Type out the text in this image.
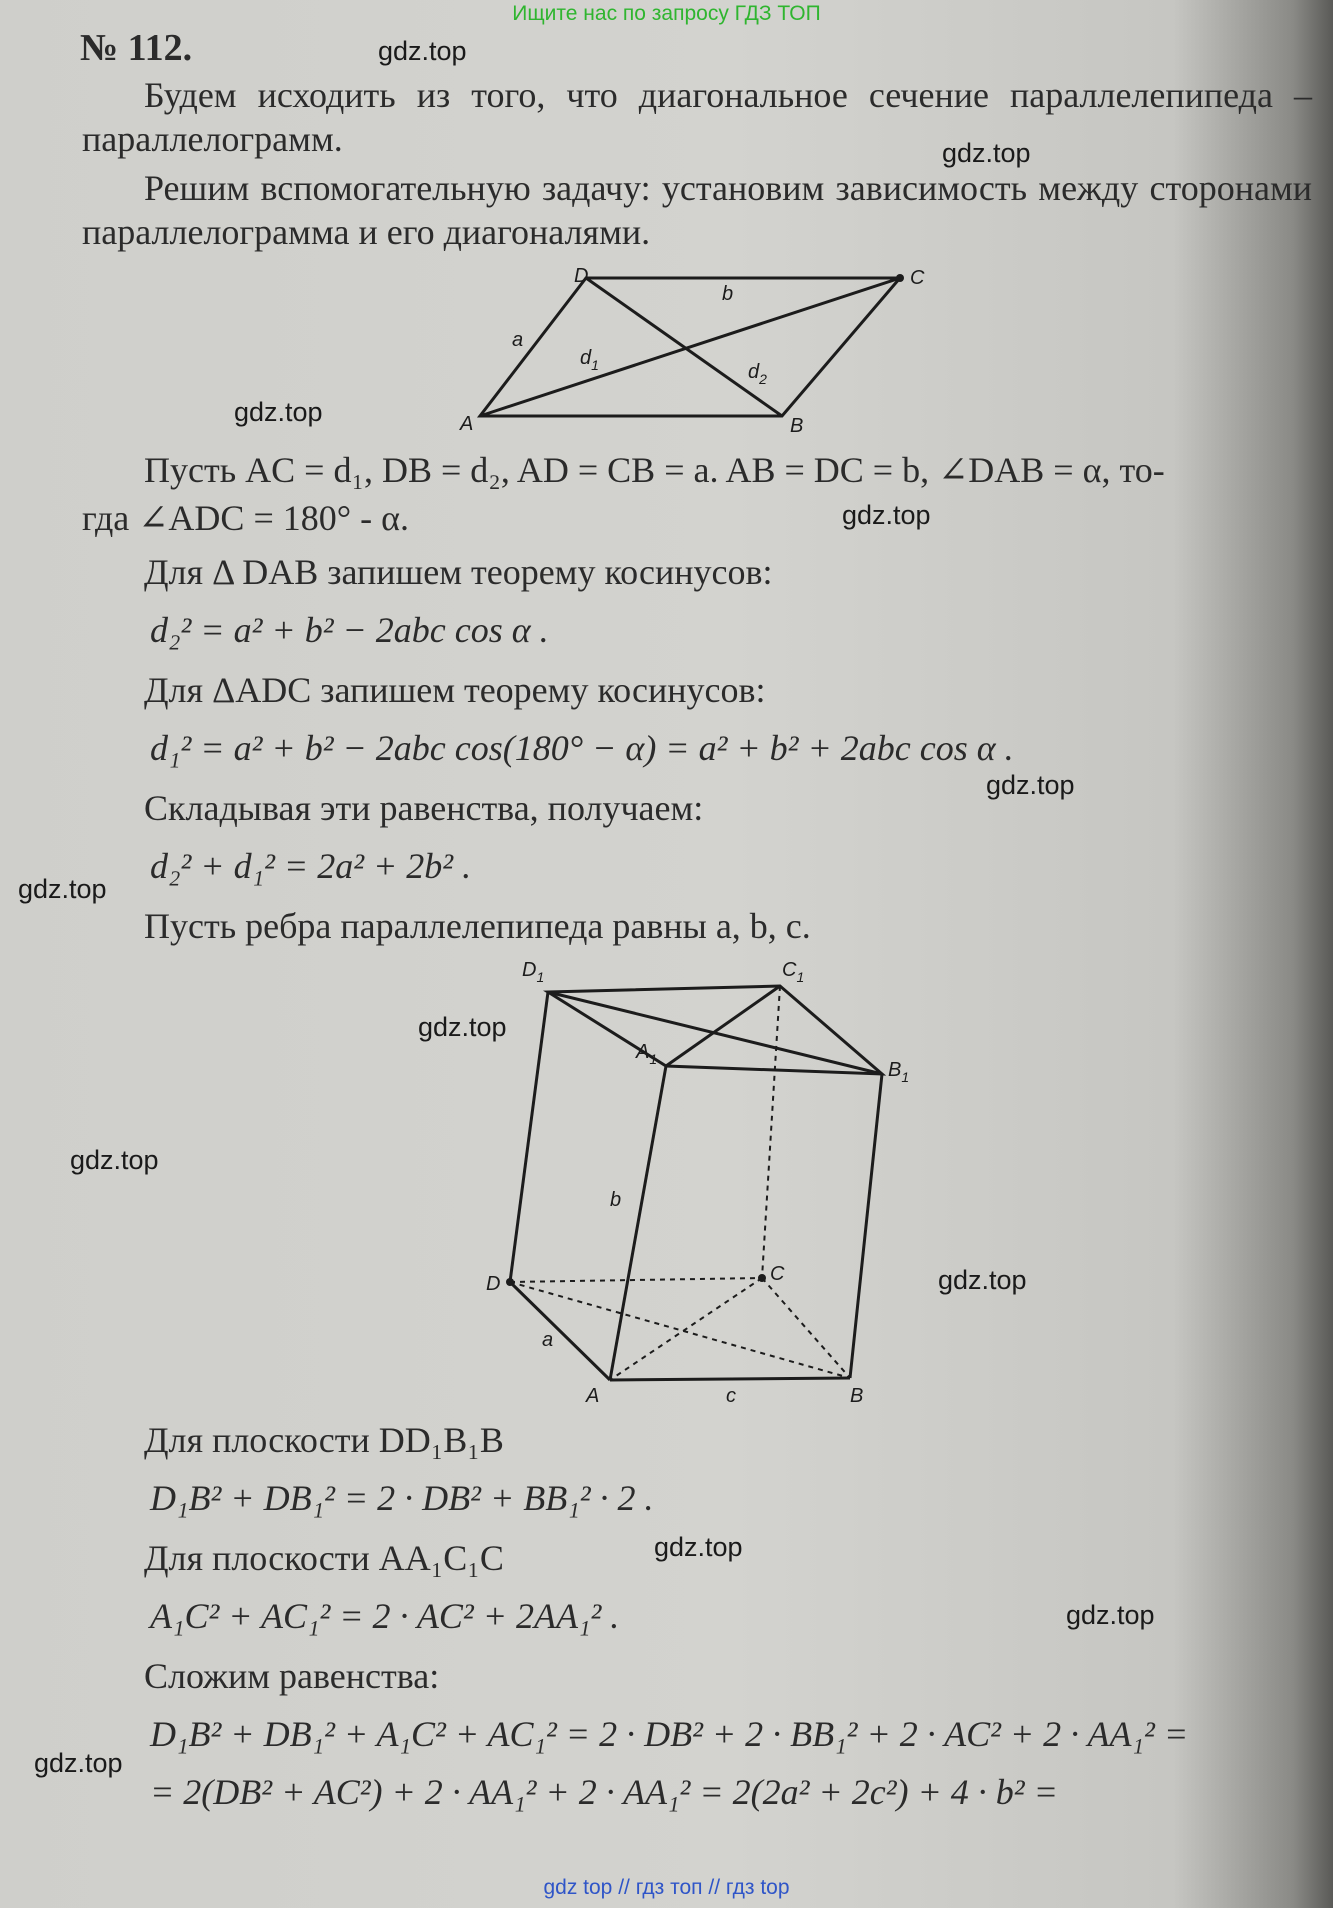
Ищите нас по запросу ГДЗ ТОП
gdz.top
gdz.top
gdz.top
gdz.top
gdz.top
gdz.top
gdz.top
gdz.top
gdz.top
gdz.top
gdz.top
gdz.top
№ 112.
Будем исходить из того, что диагональное сечение параллелепипеда – параллелограмм.
Решим вспомогательную задачу: установим зависимость между сторонами параллелограмма и его диагоналями.
A	B
C
D
a
b
$d_1$	$d_2$
Пусть AC = d₁, DB = d₂, AD = CB = a. AB = DC = b, ∠DAB = α, то-
гда ∠ADC = 180° - α.
Для Δ DAB запишем теорему косинусов:
d₂² = a² + b² − 2abc cos α .
Для ΔADC запишем теорему косинусов:
d₁² = a² + b² − 2abc cos(180° − α) = a² + b² + 2abc cos α .
Складывая эти равенства, получаем:
d₂² + d₁² = 2a² + 2b² .
Пусть ребра параллелепипеда равны a, b, c.
$D_1$	$C_1$
$A_1$	$B_1$
D	C
A	B
a
b
c
Для плоскости DD₁B₁B
D₁B² + DB₁² = 2 · DB² + BB₁² · 2 .
Для плоскости AA₁C₁C
A₁C² + AC₁² = 2 · AC² + 2AA₁² .
Сложим равенства:
D₁B² + DB₁² + A₁C² + AC₁² = 2 · DB² + 2 · BB₁² + 2 · AC² + 2 · AA₁² =
= 2(DB² + AC²) + 2 · AA₁² + 2 · AA₁² = 2(2a² + 2c²) + 4 · b² =
gdz top // гдз топ // гдз top
